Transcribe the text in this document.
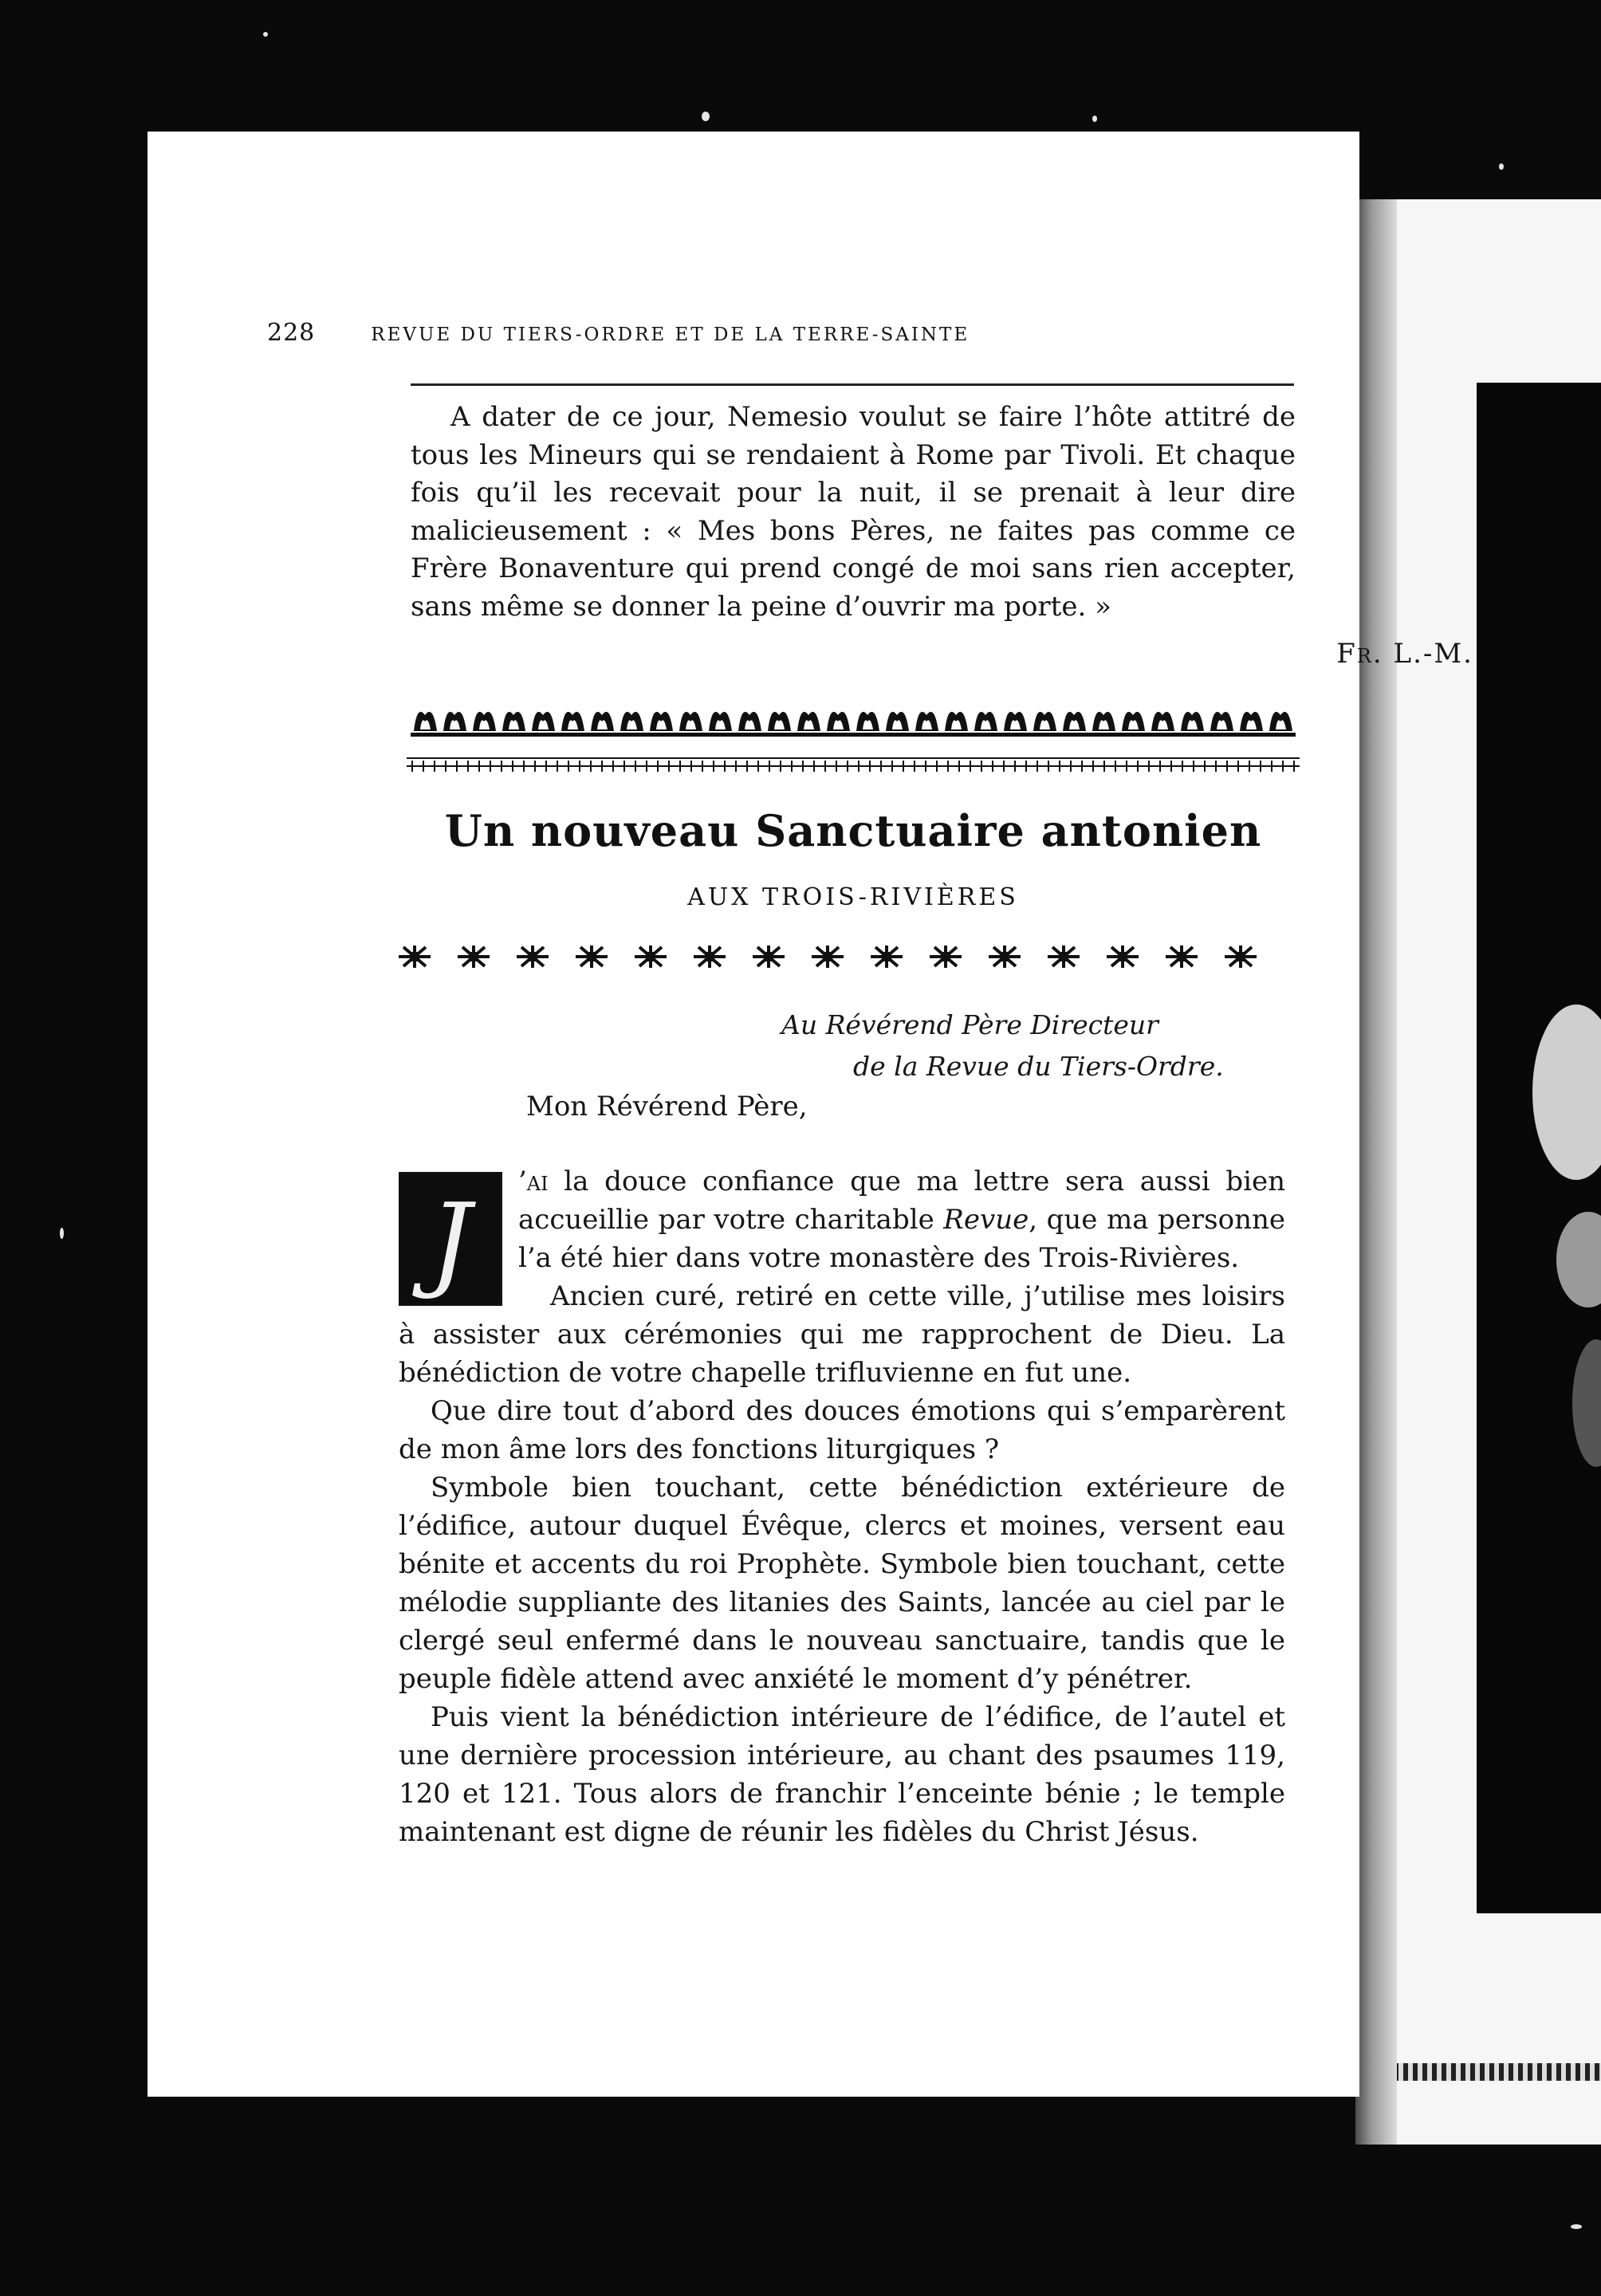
228	REVUE DU TIERS-ORDRE ET DE LA TERRE-SAINTE

A dater de ce jour, Nemesio voulut se faire l’hôte attitré de tous les Mineurs qui se rendaient à Rome par Tivoli. Et chaque fois qu’il les recevait pour la nuit, il se prenait à leur dire malicieusement : « Mes bons Pères, ne faites pas comme ce Frère Bonaventure qui prend congé de moi sans rien accepter, sans même se donner la peine d’ouvrir ma porte. »

Fr. L.-M.
Un nouveau Sanctuaire antonien
AUX TROIS-RIVIÈRES
Au Révérend Père Directeur
de la Revue du Tiers-Ordre.
Mon Révérend Père,
J	’ai la douce confiance que ma lettre sera aussi bien accueillie par votre charitable Revue, que ma personne l’a été hier dans votre monastère des Trois-Rivières.

Ancien curé, retiré en cette ville, j’utilise mes loisirs à assister aux cérémonies qui me rapprochent de Dieu. La bénédiction de votre chapelle trifluvienne en fut une.

Que dire tout d’abord des douces émotions qui s’emparèrent de mon âme lors des fonctions liturgiques ?

Symbole bien touchant, cette bénédiction extérieure de l’édifice, autour duquel Évêque, clercs et moines, versent eau bénite et accents du roi Prophète. Symbole bien touchant, cette mélodie suppliante des litanies des Saints, lancée au ciel par le clergé seul enfermé dans le nouveau sanctuaire, tandis que le peuple fidèle attend avec anxiété le moment d’y pénétrer.

Puis vient la bénédiction intérieure de l’édifice, de l’autel et une dernière procession intérieure, au chant des psaumes 119, 120 et 121. Tous alors de franchir l’enceinte bénie ; le temple maintenant est digne de réunir les fidèles du Christ Jésus.
